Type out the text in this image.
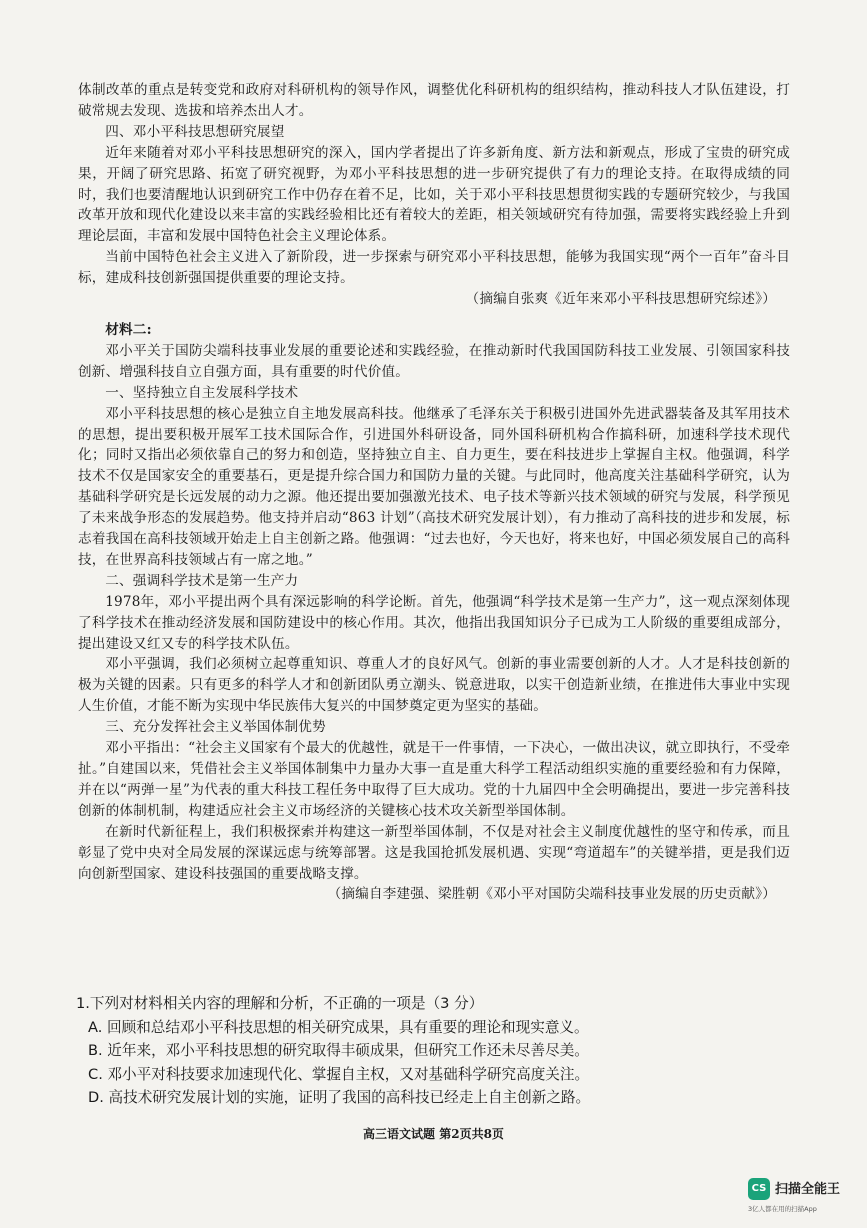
体制改革的重点是转变党和政府对科研机构的领导作风，调整优化科研机构的组织结构，推动科技人才队伍建设，打破常规去发现、选拔和培养杰出人才。

四、邓小平科技思想研究展望

近年来随着对邓小平科技思想研究的深入，国内学者提出了许多新角度、新方法和新观点，形成了宝贵的研究成果，开阔了研究思路、拓宽了研究视野，为邓小平科技思想的进一步研究提供了有力的理论支持。在取得成绩的同时，我们也要清醒地认识到研究工作中仍存在着不足，比如，关于邓小平科技思想贯彻实践的专题研究较少，与我国改革开放和现代化建设以来丰富的实践经验相比还有着较大的差距，相关领域研究有待加强，需要将实践经验上升到理论层面，丰富和发展中国特色社会主义理论体系。

当前中国特色社会主义进入了新阶段，进一步探索与研究邓小平科技思想，能够为我国实现“两个一百年”奋斗目标，建成科技创新强国提供重要的理论支持。

（摘编自张爽《近年来邓小平科技思想研究综述》）

材料二:

邓小平关于国防尖端科技事业发展的重要论述和实践经验，在推动新时代我国国防科技工业发展、引领国家科技创新、增强科技自立自强方面，具有重要的时代价值。

一、坚持独立自主发展科学技术

邓小平科技思想的核心是独立自主地发展高科技。他继承了毛泽东关于积极引进国外先进武器装备及其军用技术的思想，提出要积极开展军工技术国际合作，引进国外科研设备，同外国科研机构合作搞科研，加速科学技术现代化；同时又指出必须依靠自己的努力和创造，坚持独立自主、自力更生，要在科技进步上掌握自主权。他强调，科学技术不仅是国家安全的重要基石，更是提升综合国力和国防力量的关键。与此同时，他高度关注基础科学研究，认为基础科学研究是长远发展的动力之源。他还提出要加强激光技术、电子技术等新兴技术领域的研究与发展，科学预见了未来战争形态的发展趋势。他支持并启动“863 计划”（高技术研究发展计划），有力推动了高科技的进步和发展，标志着我国在高科技领域开始走上自主创新之路。他强调：“过去也好，今天也好，将来也好，中国必须发展自己的高科技，在世界高科技领域占有一席之地。”

二、强调科学技术是第一生产力

1978年，邓小平提出两个具有深远影响的科学论断。首先，他强调“科学技术是第一生产力”，这一观点深刻体现了科学技术在推动经济发展和国防建设中的核心作用。其次，他指出我国知识分子已成为工人阶级的重要组成部分，提出建设又红又专的科学技术队伍。

邓小平强调，我们必须树立起尊重知识、尊重人才的良好风气。创新的事业需要创新的人才。人才是科技创新的极为关键的因素。只有更多的科学人才和创新团队勇立潮头、锐意进取，以实干创造新业绩，在推进伟大事业中实现人生价值，才能不断为实现中华民族伟大复兴的中国梦奠定更为坚实的基础。

三、充分发挥社会主义举国体制优势

邓小平指出：“社会主义国家有个最大的优越性，就是干一件事情，一下决心，一做出决议，就立即执行，不受牵扯。”自建国以来，凭借社会主义举国体制集中力量办大事一直是重大科学工程活动组织实施的重要经验和有力保障，并在以“两弹一星”为代表的重大科技工程任务中取得了巨大成功。党的十九届四中全会明确提出，要进一步完善科技创新的体制机制，构建适应社会主义市场经济的关键核心技术攻关新型举国体制。

在新时代新征程上，我们积极探索并构建这一新型举国体制，不仅是对社会主义制度优越性的坚守和传承，而且彰显了党中央对全局发展的深谋远虑与统筹部署。这是我国抢抓发展机遇、实现“弯道超车”的关键举措，更是我们迈向创新型国家、建设科技强国的重要战略支撑。

（摘编自李建强、梁胜朝《邓小平对国防尖端科技事业发展的历史贡献》）

1.下列对材料相关内容的理解和分析，不正确的一项是（3 分）

A. 回顾和总结邓小平科技思想的相关研究成果，具有重要的理论和现实意义。

B. 近年来，邓小平科技思想的研究取得丰硕成果，但研究工作还未尽善尽美。

C. 邓小平对科技要求加速现代化、掌握自主权，又对基础科学研究高度关注。

D. 高技术研究发展计划的实施，证明了我国的高科技已经走上自主创新之路。

高三语文试题 第2页共8页
CS 扫描全能王
3亿人都在用的扫描App
